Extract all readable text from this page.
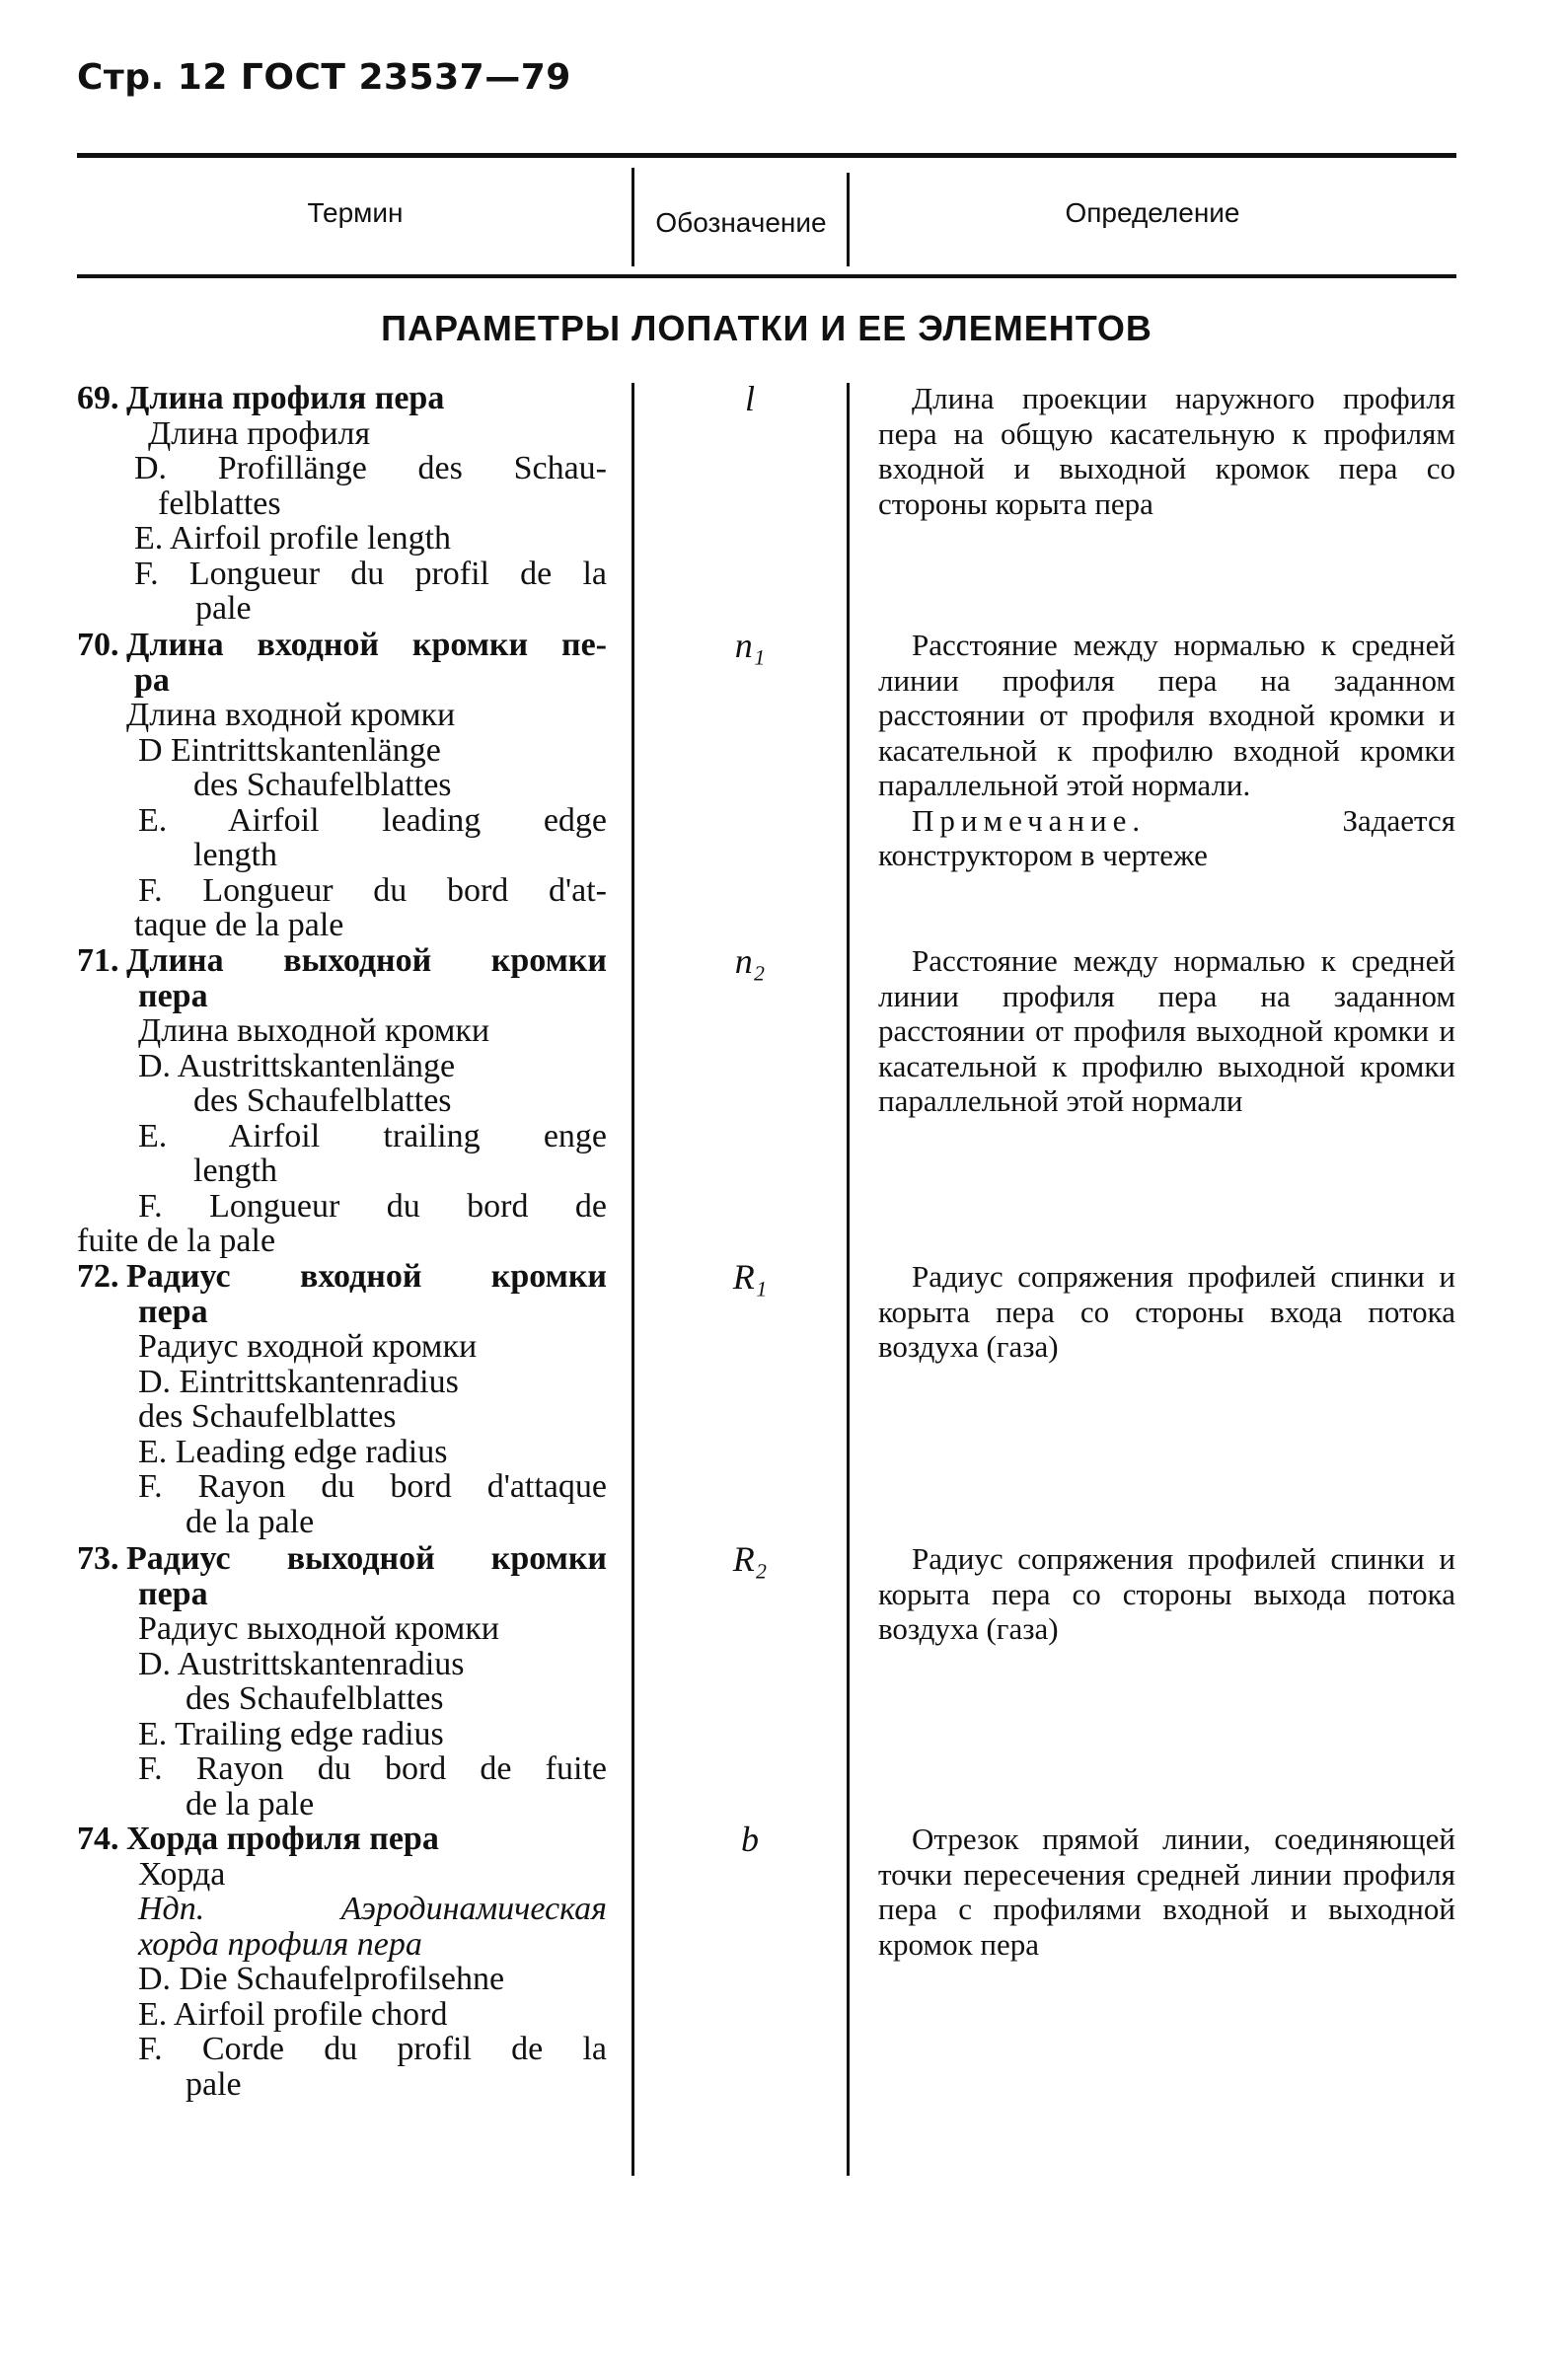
Стр. 12 ГОСТ 23537—79
Термин	Обозначение	Определение
ПАРАМЕТРЫ ЛОПАТКИ И ЕЕ ЭЛЕМЕНТОВ
69. Длина профиля пера
Длина профиля
D. Profillänge des Schau-
felblattes
E. Airfoil profile length
F. Longueur du profil de la
pale
l	Длина проекции наружного профиля пера на общую касательную к профилям входной и выходной кромок пера со стороны корыта пера
70. Длина входной кромки пе-
ра
Длина входной кромки
D Eintrittskantenlänge
des Schaufelblattes
E. Airfoil leading edge
length
F. Longueur du bord d'at-
taque de la pale
n₁	Расстояние между нормалью к средней линии профиля пера на заданном расстоянии от профиля входной кромки и касательной к профилю входной кромки параллельной этой нормали.
Примечание.	Задается конструктором в чертеже
71. Длина выходной кромки
пера
Длина выходной кромки
D. Austrittskantenlänge
des Schaufelblattes
E. Airfoil trailing enge
length
F. Longueur du bord de
fuite de la pale
n₂	Расстояние между нормалью к средней линии профиля пера на заданном расстоянии от профиля выходной кромки и касательной к профилю выходной кромки параллельной этой нормали
72. Радиус входной кромки
пера
Радиус входной кромки
D. Eintrittskantenradius
des Schaufelblattes
E. Leading edge radius
F. Rayon du bord d'attaque
de la pale
R₁	Радиус сопряжения профилей спинки и корыта пера со стороны входа потока воздуха (газа)
73. Радиус выходной кромки
пера
Радиус выходной кромки
D. Austrittskantenradius
des Schaufelblattes
E. Trailing edge radius
F. Rayon du bord de fuite
de la pale
R₂	Радиус сопряжения профилей спинки и корыта пера со стороны выхода потока воздуха (газа)
74. Хорда профиля пера
Хорда
Ндп. Аэродинамическая
хорда профиля пера
D. Die Schaufelprofilsehne
E. Airfoil profile chord
F. Corde du profil de la
pale
b	Отрезок прямой линии, соединяющей точки пересечения средней линии профиля пера с профилями входной и выходной кромок пера
